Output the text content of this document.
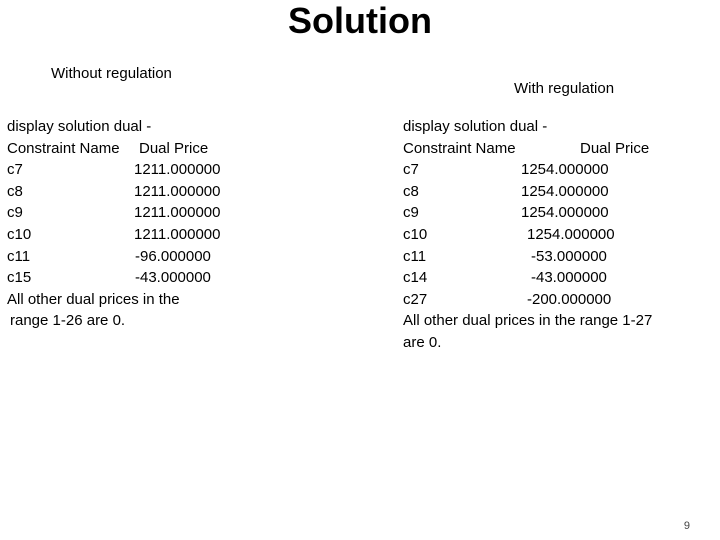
Solution
Without regulation
With regulation
display solution dual -
Constraint Name Dual Price
c7	1211.000000
c8	1211.000000
c9	1211.000000
c10	1211.000000
c11	-96.000000
c15	-43.000000
All other dual prices in the
range 1-26 are 0.
display solution dual -
Constraint Name	Dual Price
c7	1254.000000
c8	1254.000000
c9	1254.000000
c10	1254.000000
c11	-53.000000
c14	-43.000000
c27	-200.000000
All other dual prices in the range 1-27
are 0.
9
